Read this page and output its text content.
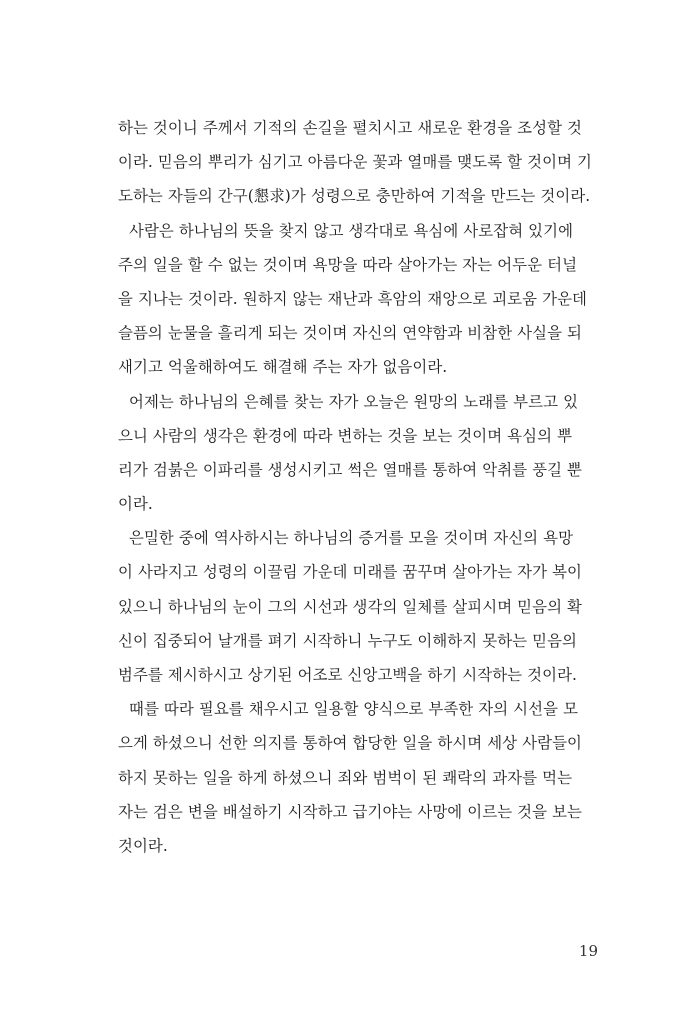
하는 것이니 주께서 기적의 손길을 펼치시고 새로운 환경을 조성할 것
이라. 믿음의 뿌리가 심기고 아름다운 꽃과 열매를 맺도록 할 것이며 기
도하는 자들의 간구(懇求)가 성령으로 충만하여 기적을 만드는 것이라.
사람은 하나님의 뜻을 찾지 않고 생각대로 욕심에 사로잡혀 있기에
주의 일을 할 수 없는 것이며 욕망을 따라 살아가는 자는 어두운 터널
을 지나는 것이라. 원하지 않는 재난과 흑암의 재앙으로 괴로움 가운데
슬픔의 눈물을 흘리게 되는 것이며 자신의 연약함과 비참한 사실을 되
새기고 억울해하여도 해결해 주는 자가 없음이라.
어제는 하나님의 은혜를 찾는 자가 오늘은 원망의 노래를 부르고 있
으니 사람의 생각은 환경에 따라 변하는 것을 보는 것이며 욕심의 뿌
리가 검붉은 이파리를 생성시키고 썩은 열매를 통하여 악취를 풍길 뿐
이라.
은밀한 중에 역사하시는 하나님의 증거를 모을 것이며 자신의 욕망
이 사라지고 성령의 이끌림 가운데 미래를 꿈꾸며 살아가는 자가 복이
있으니 하나님의 눈이 그의 시선과 생각의 일체를 살피시며 믿음의 확
신이 집중되어 날개를 펴기 시작하니 누구도 이해하지 못하는 믿음의
범주를 제시하시고 상기된 어조로 신앙고백을 하기 시작하는 것이라.
때를 따라 필요를 채우시고 일용할 양식으로 부족한 자의 시선을 모
으게 하셨으니 선한 의지를 통하여 합당한 일을 하시며 세상 사람들이
하지 못하는 일을 하게 하셨으니 죄와 범벅이 된 쾌락의 과자를 먹는
자는 검은 변을 배설하기 시작하고 급기야는 사망에 이르는 것을 보는
것이라.
19
